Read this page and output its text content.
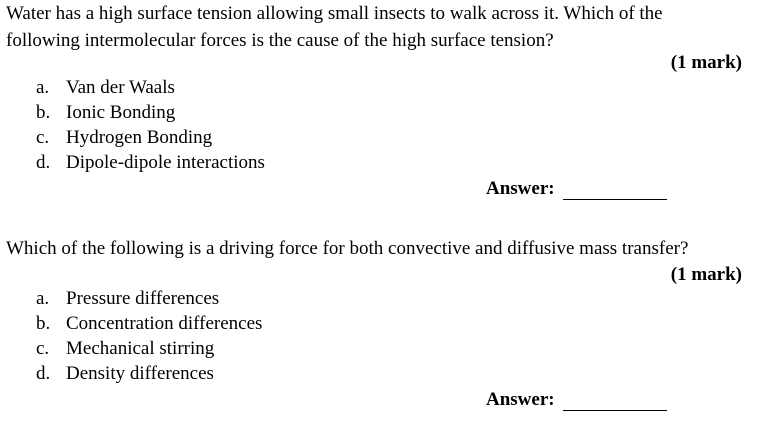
Water has a high surface tension allowing small insects to walk across it. Which of the
following intermolecular forces is the cause of the high surface tension?

(1 mark)

a. Van der Waals
b. Ionic Bonding
c. Hydrogen Bonding
d. Dipole-dipole interactions
Answer:

Which of the following is a driving force for both convective and diffusive mass transfer?

(1 mark)

a. Pressure differences
b. Concentration differences
c. Mechanical stirring
d. Density differences
Answer:
